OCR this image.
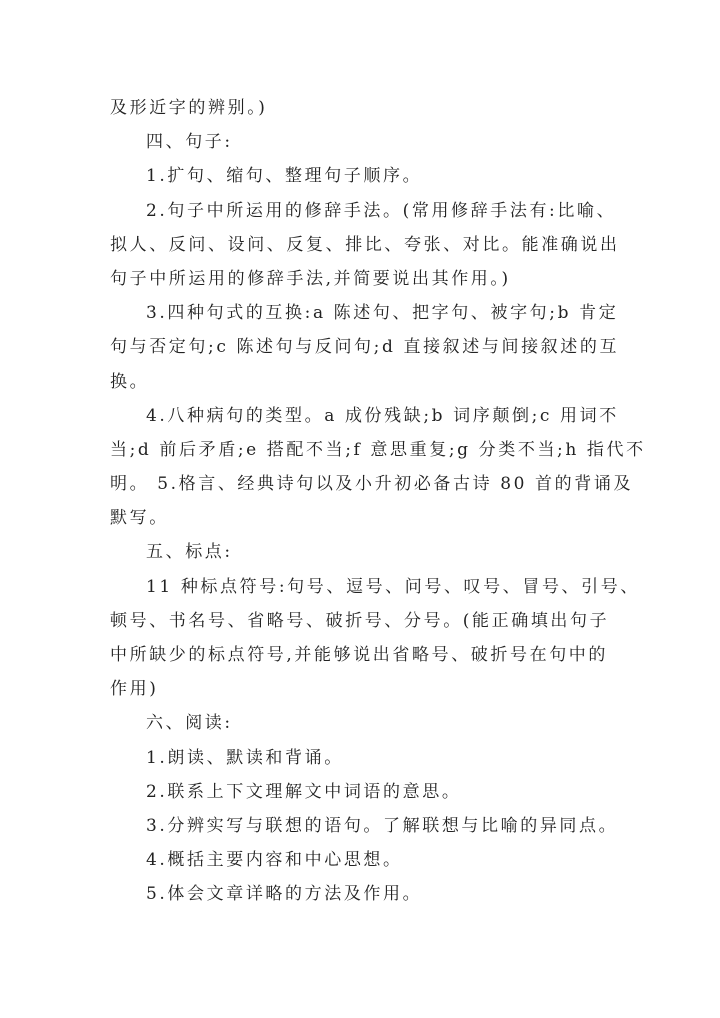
及形近字的辨别。)
四、句子:
1.扩句、缩句、整理句子顺序。
2.句子中所运用的修辞手法。(常用修辞手法有:比喻、
拟人、反问、设问、反复、排比、夸张、对比。能准确说出
句子中所运用的修辞手法,并简要说出其作用。)
3.四种句式的互换:a 陈述句、把字句、被字句;b 肯定
句与否定句;c 陈述句与反问句;d 直接叙述与间接叙述的互
换。
4.八种病句的类型。a 成份残缺;b 词序颠倒;c 用词不
当;d 前后矛盾;e 搭配不当;f 意思重复;g 分类不当;h 指代不
明。 5.格言、经典诗句以及小升初必备古诗 80 首的背诵及
默写。
五、标点:
11 种标点符号:句号、逗号、问号、叹号、冒号、引号、
顿号、书名号、省略号、破折号、分号。(能正确填出句子
中所缺少的标点符号,并能够说出省略号、破折号在句中的
作用)
六、阅读:
1.朗读、默读和背诵。
2.联系上下文理解文中词语的意思。
3.分辨实写与联想的语句。了解联想与比喻的异同点。
4.概括主要内容和中心思想。
5.体会文章详略的方法及作用。
